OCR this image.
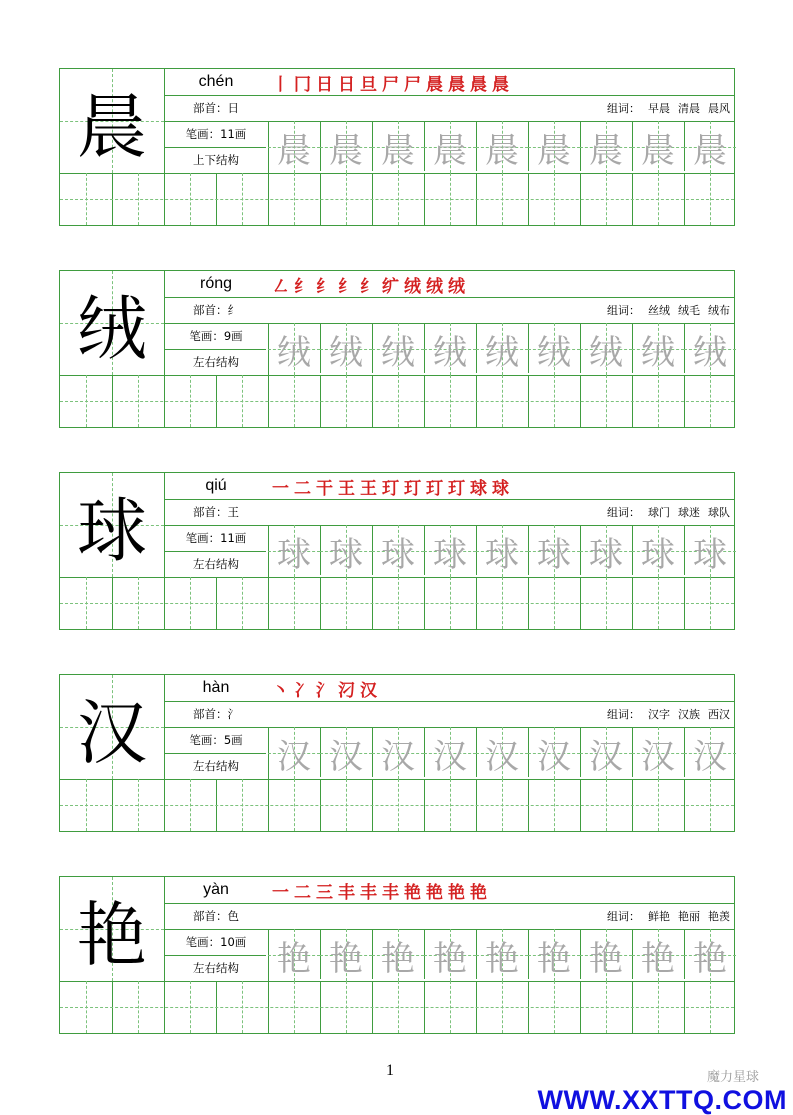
晨 晨 晨 晨 晨 晨 晨 晨 晨
晨
chén
部首：日
笔画：11画
上下结构
丨 冂 日 日 旦 尸 尸 晨 晨 晨 晨
组词： 早晨 清晨 晨风
绒 绒 绒 绒 绒 绒 绒 绒 绒
绒
róng
部首：纟
笔画：9画
左右结构
㇜ 纟 纟 纟 纟 纩 绒 绒 绒
组词： 丝绒 绒毛 绒布
球 球 球 球 球 球 球 球 球
球
qiú
部首：王
笔画：11画
左右结构
一 二 干 王 王 玎 玎 玎 玎 球 球
组词： 球门 球迷 球队
汉 汉 汉 汉 汉 汉 汉 汉 汉
汉
hàn
部首：氵
笔画：5画
左右结构
丶 冫 氵 汈 汉
组词： 汉字 汉族 西汉
艳 艳 艳 艳 艳 艳 艳 艳 艳
艳
yàn
部首：色
笔画：10画
左右结构
一 二 三 丰 丰 丰 艳 艳 艳 艳
组词： 鲜艳 艳丽 艳羡
1	魔力星球
WWW.XXTTQ.COM
